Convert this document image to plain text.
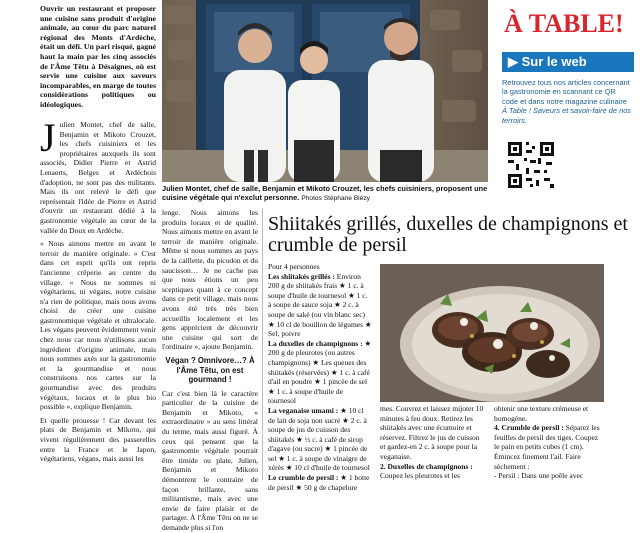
Ouvrir un restaurant et proposer une cuisine sans produit d'origine animale, au cœur du parc naturel régional des Monts d'Ardèche, était un défi. Un pari risqué, gagné haut la main par les cinq associés de l'Âme Têtu à Désaignes, où est servie une cuisine aux saveurs incomparables, en marge de toutes considérations politiques ou idéologiques.

Julien Montet, chef de salle, Benjamin et Mikoto Crouzet, les chefs cuisiniers et les propriétaires auxquels ils sont associés, Didier Pierre et Astrid Lenaerts, Belges et Ardéchois d'adoption, ne sont pas des militants. Mais ils ont relevé le défi que représentait l'idée de Pierre et Astrid d'ouvrir un restaurant dédié à la gastronomie végétale au cœur de la vallée du Doux en Ardèche.

« Nous aimons mettre en avant le terroir de manière originale. » C'est dans cet esprit qu'ils ont repris l'ancienne crêperie au centre du village. « Nous ne sommes ni végétariens, ni végans, notre cuisine n'a rien de politique, mais nous avons choisi de créer une cuisine gastronomique végétale et ultralocale. Les végans peuvent évidemment venir chez nous car nous n'utilisons aucun ingrédient d'origine animale, mais nous sommes axés sur la gastronomie et la gourmandise et nous construisons nos cartes sur la gourmandise avec des produits végétaux, locaux et le plus bio possible », explique Benjamin.

Et quelle prouesse ! Car devant les plats de Benjamin et Mikoto, qui vivent régulièrement des passerelles entre la France et le Japon, végétariens, végans, mais aussi les

Julien Montet, chef de salle, Benjamin et Mikoto Crouzet, les chefs cuisiniers, proposent une cuisine végétale qui n'exclut personne. Photos Stéphane Blézy

lenge. Nous aimons les produits locaux et de qualité. Nous aimons mettre en avant le terroir de manière originale. Même si nous sommes au pays de la caillette, du picodon et du saucisson… Je ne cache pas que nous étions un peu sceptiques quant à ce concept dans ce petit village, mais nous avons été très très bien accueillis localement et les gens apprécient de découvrir une cuisine qui sort de l'ordinaire », ajoute Benjamin.

Végan ? Omnivore…? À l'Âme Têtu, on est gourmand !

Car c'est bien là le caractère particulier de la cuisine de Benjamin et Mikoto, « extraordinaire » au sens littéral du terme, mais aussi figuré. À ceux qui pensent que la gastronomie végétale pourrait être timide ou plate, Julien, Benjamin et Mikoto démontrent le contraire de façon brillante, sans militantisme, mais avec une envie de faire plaisir et de partager. À l'Âme Têtu on ne se demande plus si l'on

Shiitakés grillés, duxelles de champignons et crumble de persil
Pour 4 personnes
Les shiitakés grillés : Environ 200 g de shiitakés frais ★ 1 c. à soupe d'huile de tournesol ★ 1 c. à soupe de sauce soja ★ 2 c. à soupe de saké (ou vin blanc sec) ★ 10 cl de bouillon de légumes ★ Sel, poivre
La duxelles de champignons : ★ 200 g de pleurotes (ou autres champignons) ★ Les queues des shiitakés (réservées) ★ 1 c. à café d'ail en poudre ★ 1 pincée de sel ★ 1 c. à soupe d'huile de tournesol
La veganaise umami : ★ 10 cl de lait de soja non sucré ★ 2 c. à soupe de jus de cuisson des shiitakés ★ ½ c. à café de sirop d'agave (ou sucre) ★ 1 pincée de sel ★ 1 c. à soupe de vinaigre de xérès ★ 10 cl d'huile de tournesol
Le crumble de persil : ★ 1 botte de persil ★ 50 g de chapelure
mes. Couvrez et laissez mijoter 10 minutes à feu doux. Retirez les shiitakés avec une écumoire et réservez. Filtrez le jus de cuisson et gardez-en 2 c. à soupe pour la veganaise.
2. Duxelles de champignons : Coupez les pleurotes et les
obtenir une texture crémeuse et homogène.
4. Crumble de persil : Séparez les feuilles de persil des tiges. Coupez le pain en petits cubes (1 cm). Émincez finement l'ail. Faire sèchement :
- Persil : Dans une poêle avec
À TABLE!
▶ Sur le web
Retrouvez tous nos articles concernant la gastronomie en scannant ce QR code et dans notre magazine culinaire À Table ! Saveurs et savoir-faire de nos terroirs.
